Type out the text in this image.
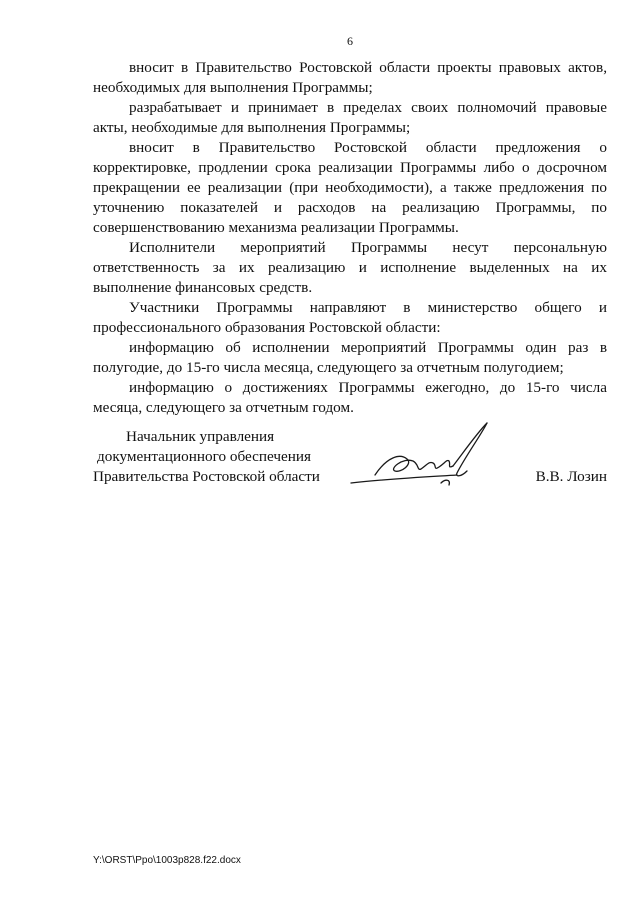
6

вносит в Правительство Ростовской области проекты правовых актов, необходимых для выполнения Программы;

разрабатывает и принимает в пределах своих полномочий правовые акты, необходимые для выполнения Программы;

вносит в Правительство Ростовской области предложения о корректировке, продлении срока реализации Программы либо о досрочном прекращении ее реализации (при необходимости), а также предложения по уточнению показателей и расходов на реализацию Программы, по совершенствованию механизма реализации Программы.

Исполнители мероприятий Программы несут персональную ответственность за их реализацию и исполнение выделенных на их выполнение финансовых средств.

Участники Программы направляют в министерство общего и профессионального образования Ростовской области:

информацию об исполнении мероприятий Программы один раз в полугодие, до 15-го числа месяца, следующего за отчетным полугодием;

информацию о достижениях Программы ежегодно, до 15-го числа месяца, следующего за отчетным годом.

Начальник управления
документационного обеспечения
Правительства Ростовской области	В.В. Лозин
Y:\ORST\Ppo\1003p828.f22.docx
